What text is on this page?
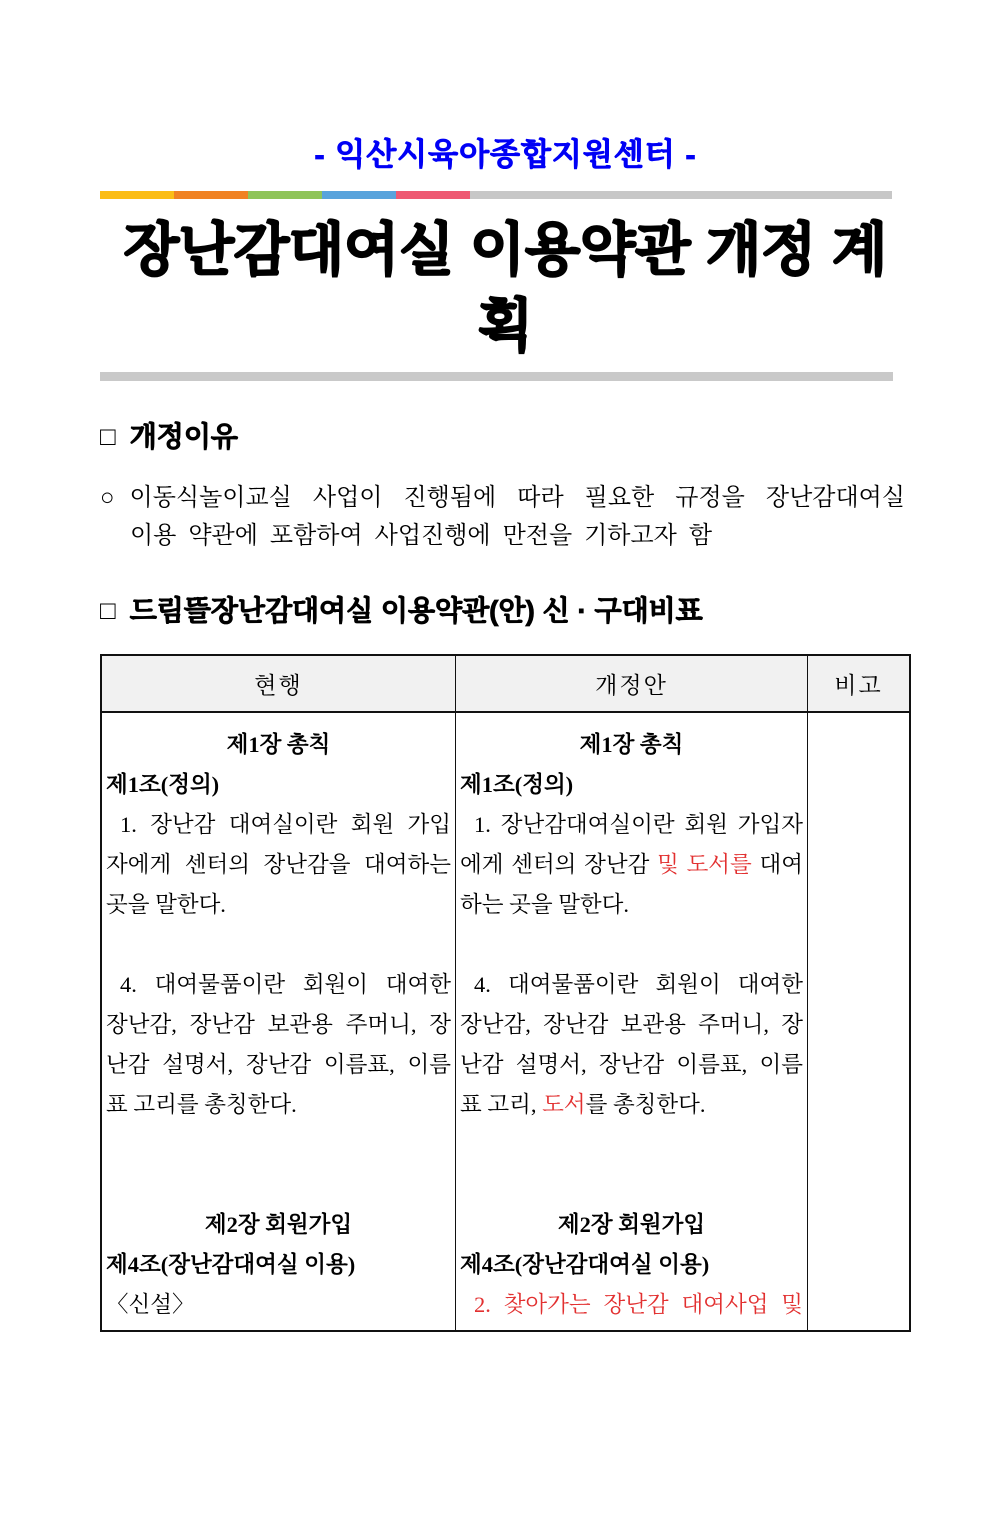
- 익산시육아종합지원센터 -
장난감대여실 이용약관 개정 계획
□ 개정이유
○이동식놀이교실 사업이 진행됨에 따라 필요한 규정을 장난감대여실
이용 약관에 포함하여 사업진행에 만전을 기하고자 함
□ 드림뜰장난감대여실 이용약관(안) 신 · 구대비표
현행	개정안	비고
제1장 총칙
제1조(정의)
1. 장난감 대여실이란 회원 가입
자에게 센터의 장난감을 대여하는
곳을 말한다.

4. 대여물품이란 회원이 대여한
장난감, 장난감 보관용 주머니, 장
난감 설명서, 장난감 이름표, 이름
표 고리를 총칭한다.

제2장 회원가입
제4조(장난감대여실 이용)
〈신설〉
제1장 총칙
제1조(정의)
1. 장난감대여실이란 회원 가입자
에게 센터의 장난감 및 도서를 대여
하는 곳을 말한다.

4. 대여물품이란 회원이 대여한
장난감, 장난감 보관용 주머니, 장
난감 설명서, 장난감 이름표, 이름
표 고리, 도서를 총칭한다.

제2장 회원가입
제4조(장난감대여실 이용)
2. 찾아가는 장난감 대여사업 및
